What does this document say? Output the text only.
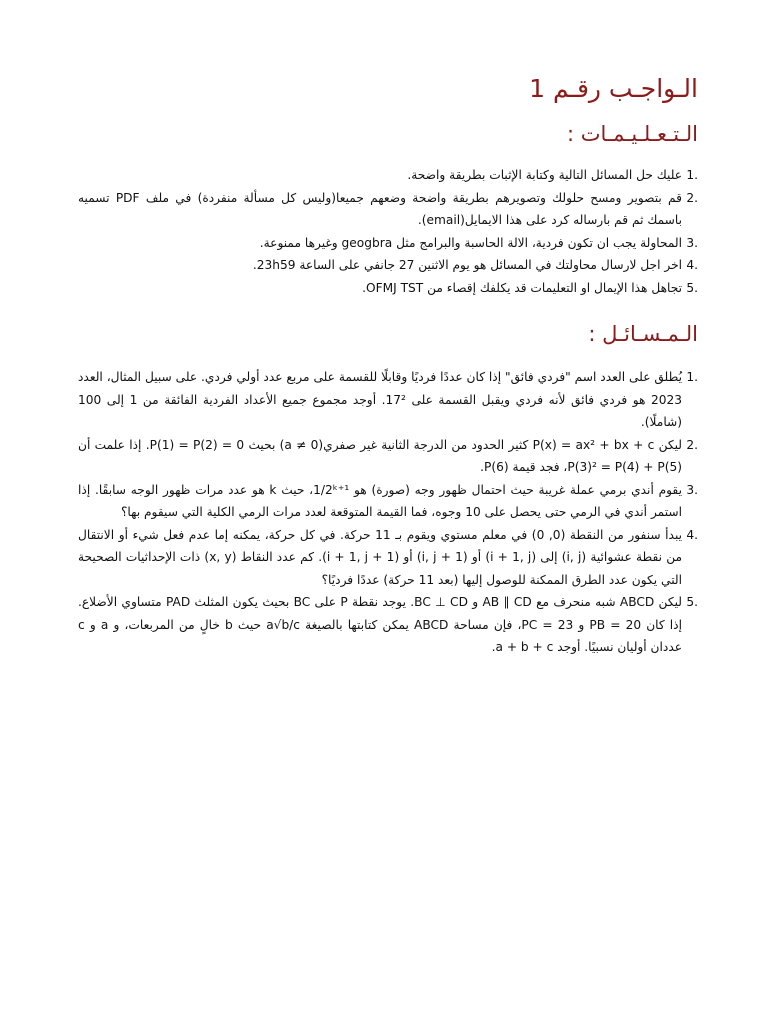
الـواجـب رقـم 1
الـتـعـلـيـمـات :
1.
عليك حل المسائل التالية وكتابة الإثبات بطريقة واضحة.
2.
قم بتصوير ومسح حلولك وتصويرهم بطريقة واضحة وضعهم جميعا(وليس كل مسألة منفردة) في ملف PDF تسميه باسمك ثم قم بارساله كرد على هذا الايمايل(email).
3.
المحاولة يجب ان تكون فردية، الالة الحاسبة والبرامج مثل geogbra وغيرها ممنوعة.
4.
اخر اجل لارسال محاولتك في المسائل هو يوم الاثنين 27 جانفي على الساعة 23h59.
5.
تجاهل هذا الإيمال او التعليمات قد يكلفك إقصاء من OFMJ TST.
الـمـسـائـل :
1.
يُطلق على العدد اسم "فردي فائق" إذا كان عددًا فرديًا وقابلًا للقسمة على مربع عدد أولي فردي. على سبيل المثال، العدد 2023 هو فردي فائق لأنه فردي ويقبل القسمة على 17². أوجد مجموع جميع الأعداد الفردية الفائقة من 1 إلى 100 (شاملًا).
2.
ليكن P(x) = ax² + bx + c كثير الحدود من الدرجة الثانية غير صفري(a ≠ 0) بحيث P(1) = P(2) = 0. إذا علمت أن P(3)² = P(4) + P(5)، فجد قيمة P(6).
3.
يقوم أندي برمي عملة غريبة حيث احتمال ظهور وجه (صورة) هو 1/2ᵏ⁺¹، حيث k هو عدد مرات ظهور الوجه سابقًا. إذا استمر أندي في الرمي حتى يحصل على 10 وجوه، فما القيمة المتوقعة لعدد مرات الرمي الكلية التي سيقوم بها؟
4.
يبدأ سنفور من النقطة (0, 0) في معلم مستوي ويقوم بـ 11 حركة. في كل حركة، يمكنه إما عدم فعل شيء أو الانتقال من نقطة عشوائية (i, j) إلى (i + 1, j) أو (i, j + 1) أو (i + 1, j + 1). كم عدد النقاط (x, y) ذات الإحداثيات الصحيحة التي يكون عدد الطرق الممكنة للوصول إليها (بعد 11 حركة) عددًا فرديًا؟
5.
ليكن ABCD شبه منحرف مع AB ∥ CD و BC ⊥ CD. يوجد نقطة P على BC بحيث يكون المثلث PAD متساوي الأضلاع. إذا كان PB = 20 و PC = 23، فإن مساحة ABCD يمكن كتابتها بالصيغة a√b/c حيث b خالٍ من المربعات، و a و c عددان أوليان نسبيًا. أوجد a + b + c.
